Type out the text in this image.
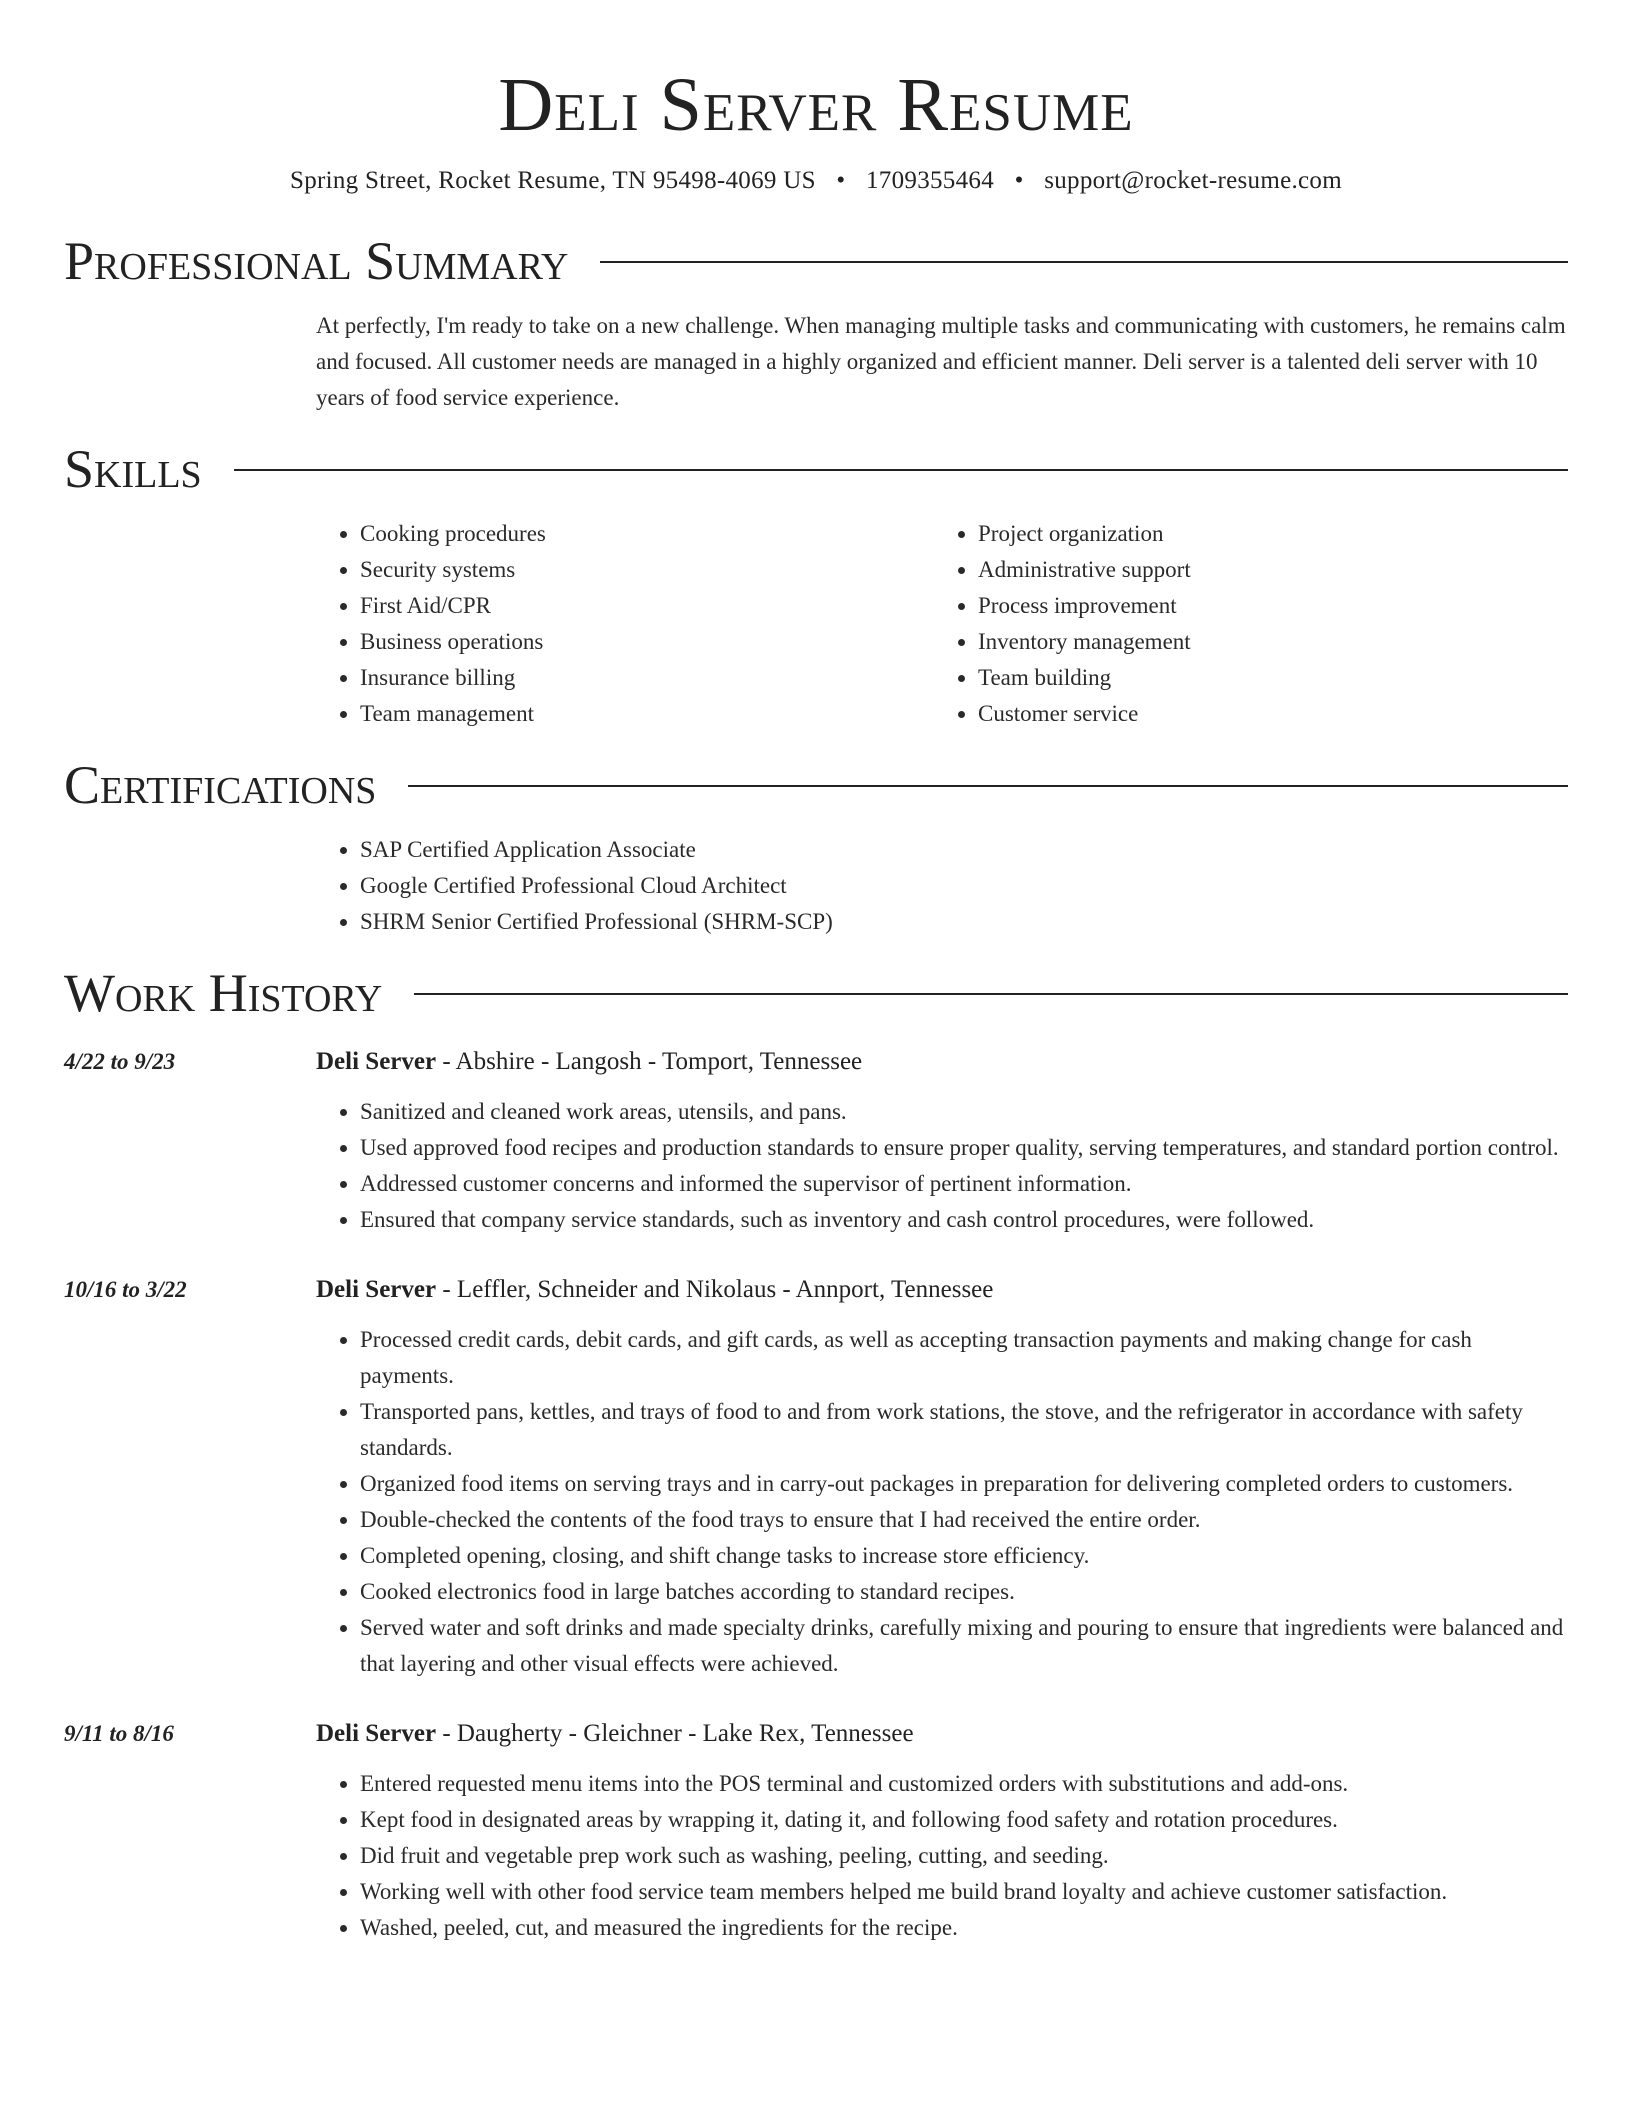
Deli Server Resume
Spring Street, Rocket Resume, TN 95498-4069 US • 1709355464 • support@rocket-resume.com
Professional Summary

At perfectly, I'm ready to take on a new challenge. When managing multiple tasks and communicating with customers, he remains calm and focused. All customer needs are managed in a highly organized and efficient manner. Deli server is a talented deli server with 10 years of food service experience.

Skills
• Cooking procedures
• Security systems
• First Aid/CPR
• Business operations
• Insurance billing
• Team management
• Project organization
• Administrative support
• Process improvement
• Inventory management
• Team building
• Customer service
Certifications
• SAP Certified Application Associate
• Google Certified Professional Cloud Architect
• SHRM Senior Certified Professional (SHRM-SCP)
Work History
4/22 to 9/23	Deli Server - Abshire - Langosh - Tomport, Tennessee
• Sanitized and cleaned work areas, utensils, and pans.
• Used approved food recipes and production standards to ensure proper quality, serving temperatures, and standard portion control.
• Addressed customer concerns and informed the supervisor of pertinent information.
• Ensured that company service standards, such as inventory and cash control procedures, were followed.
10/16 to 3/22	Deli Server - Leffler, Schneider and Nikolaus - Annport, Tennessee
• Processed credit cards, debit cards, and gift cards, as well as accepting transaction payments and making change for cash payments.
• Transported pans, kettles, and trays of food to and from work stations, the stove, and the refrigerator in accordance with safety standards.
• Organized food items on serving trays and in carry-out packages in preparation for delivering completed orders to customers.
• Double-checked the contents of the food trays to ensure that I had received the entire order.
• Completed opening, closing, and shift change tasks to increase store efficiency.
• Cooked electronics food in large batches according to standard recipes.
• Served water and soft drinks and made specialty drinks, carefully mixing and pouring to ensure that ingredients were balanced and that layering and other visual effects were achieved.
9/11 to 8/16	Deli Server - Daugherty - Gleichner - Lake Rex, Tennessee
• Entered requested menu items into the POS terminal and customized orders with substitutions and add-ons.
• Kept food in designated areas by wrapping it, dating it, and following food safety and rotation procedures.
• Did fruit and vegetable prep work such as washing, peeling, cutting, and seeding.
• Working well with other food service team members helped me build brand loyalty and achieve customer satisfaction.
• Washed, peeled, cut, and measured the ingredients for the recipe.
